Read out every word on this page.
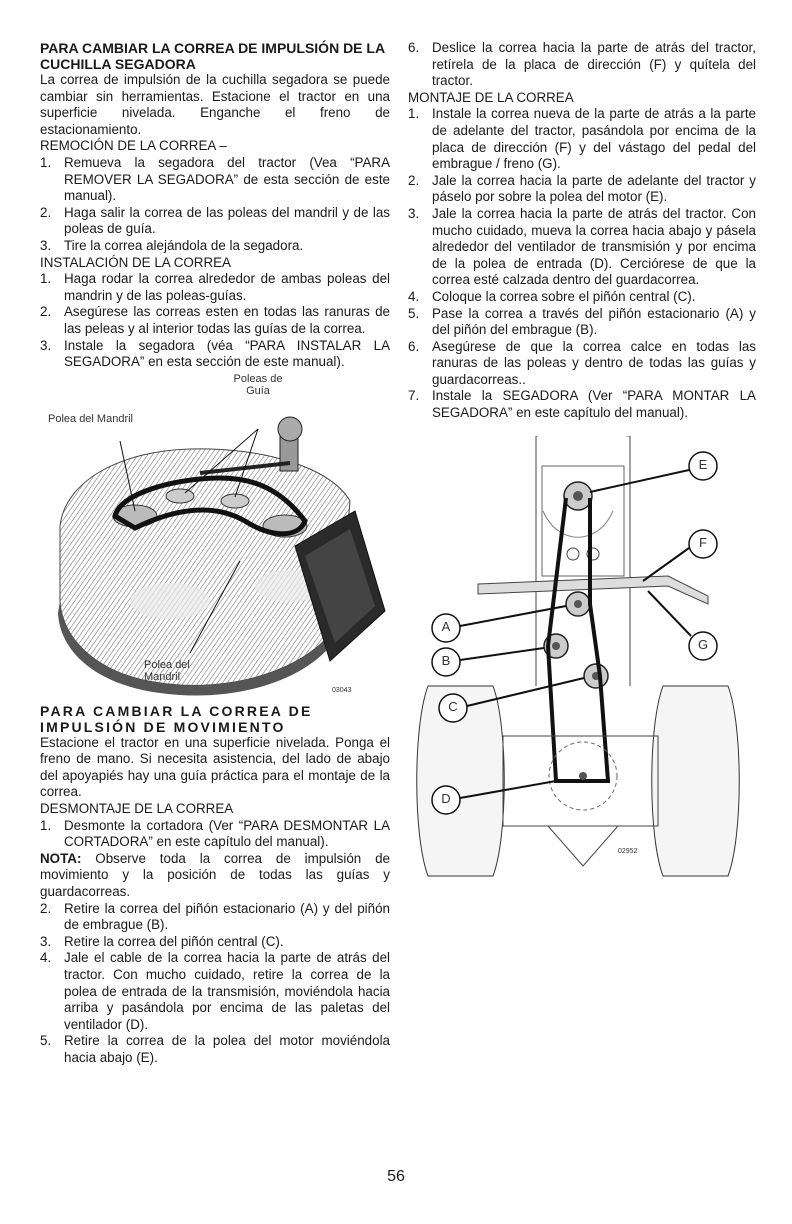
PARA CAMBIAR LA CORREA DE IMPULSIÓN DE LA CUCHILLA SEGADORA

La correa de impulsión de la cuchilla segadora se puede cambiar sin herramientas. Estacione el tractor en una superficie nivelada. Enganche el freno de estacionamiento.

REMOCIÓN DE LA CORREA –
1. Remueva la segadora del tractor (Vea “PARA REMOVER LA SEGADORA” de esta sección de este manual).
2. Haga salir la correa de las poleas del mandril y de las poleas de guía.
3. Tire la correa alejándola de la segadora.
INSTALACIÓN DE LA CORREA
1. Haga rodar la correa alrededor de ambas poleas del mandrin y de las poleas-guías.
2. Asegúrese las correas esten en todas las ranuras de las peleas y al interior todas las guías de la correa.
3. Instale la segadora (véa “PARA INSTALAR LA SEGADORA” en esta sección de este manual).
Poleas de Guía
Polea del Mandril
Polea del Mandril
03043
PARA CAMBIAR LA CORREA DE IMPULSIÓN DE MOVIMIENTO

Estacione el tractor en una superficie nivelada. Ponga el freno de mano. Si necesita asistencia, del lado de abajo del apoyapiés hay una guía práctica para el montaje de la correa.

DESMONTAJE DE LA CORREA
1. Desmonte la cortadora (Ver “PARA DESMONTAR LA CORTADORA” en este capítulo del manual).

NOTA: Observe toda la correa de impulsión de movimiento y la posición de todas las guías y guardacorreas.

2. Retire la correa del piñón estacionario (A) y del piñón de embrague (B).
3. Retire la correa del piñón central (C).
4. Jale el cable de la correa hacia la parte de atrás del tractor. Con mucho cuidado, retire la correa de la polea de entrada de la transmisión, moviéndola hacia arriba y pasándola por encima de las paletas del ventilador (D).
5. Retire la correa de la polea del motor moviéndola hacia abajo (E).
6. Deslice la correa hacia la parte de atrás del tractor, retírela de la placa de dirección (F) y quítela del tractor.
MONTAJE DE LA CORREA
1. Instale la correa nueva de la parte de atrás a la parte de adelante del tractor, pasándola por encima de la placa de dirección (F) y del vástago del pedal del embrague / freno (G).
2. Jale la correa hacia la parte de adelante del tractor y páselo por sobre la polea del motor (E).
3. Jale la correa hacia la parte de atrás del tractor. Con mucho cuidado, mueva la correa hacia abajo y pásela alrededor del ventilador de transmisión y por encima de la polea de entrada (D). Cerciórese de que la correa esté calzada dentro del guardacorrea.
4. Coloque la correa sobre el piñón central (C).
5. Pase la correa a través del piñón estacionario (A) y del piñón del embrague (B).
6. Asegúrese de que la correa calce en todas las ranuras de las poleas y dentro de todas las guías y guardacorreas..
7. Instale la SEGADORA (Ver “PARA MONTAR LA SEGADORA” en este capítulo del manual).
E
F
A
G
B
C
D
02952
56
